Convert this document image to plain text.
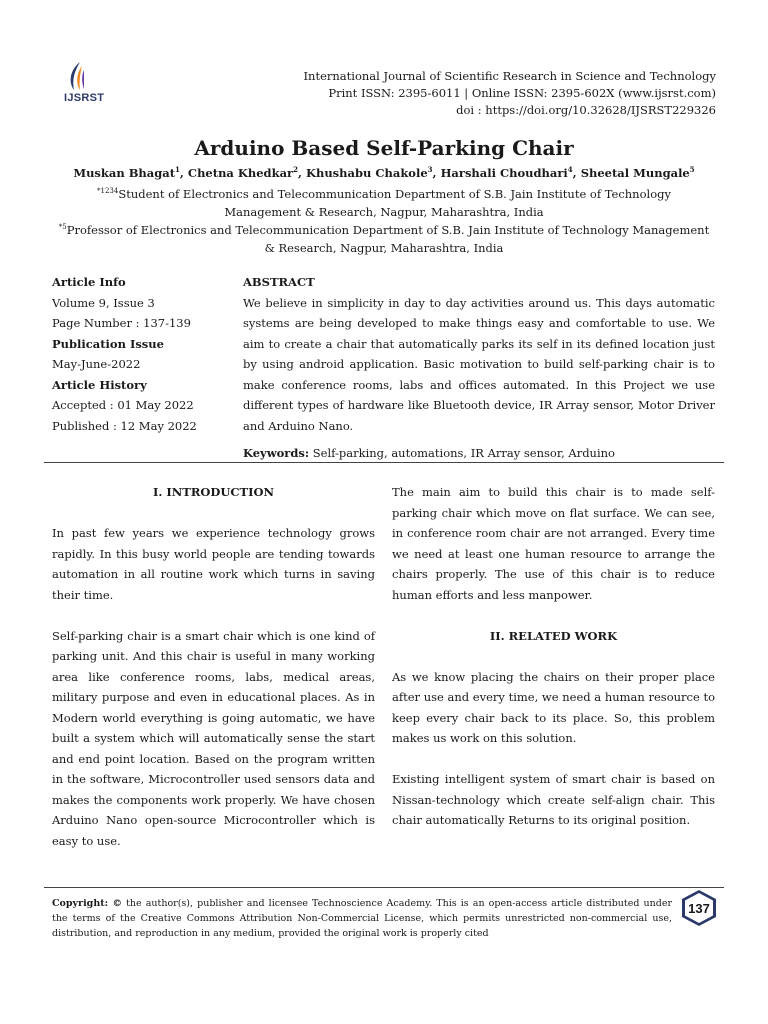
IJSRST
International Journal of Scientific Research in Science and Technology
Print ISSN: 2395-6011 | Online ISSN: 2395-602X (www.ijsrst.com)
doi : https://doi.org/10.32628/IJSRST229326
Arduino Based Self-Parking Chair
Muskan Bhagat$^1$, Chetna Khedkar$^2$, Khushabu Chakole$^3$, Harshali Choudhari$^4$, Sheetal Mungale$^5$
$^{*1234}$Student of Electronics and Telecommunication Department of S.B. Jain Institute of Technology
Management & Research, Nagpur, Maharashtra, India
$^{*5}$Professor of Electronics and Telecommunication Department of S.B. Jain Institute of Technology Management
& Research, Nagpur, Maharashtra, India
Article Info
Volume 9, Issue 3
Page Number : 137-139
Publication Issue
May-June-2022
Article History
Accepted : 01 May 2022
Published : 12 May 2022
ABSTRACT
We believe in simplicity in day to day activities around us. This days automatic systems are being developed to make things easy and comfortable to use. We aim to create a chair that automatically parks its self in its defined location just by using android application. Basic motivation to build self-parking chair is to make conference rooms, labs and offices automated. In this Project we use different types of hardware like Bluetooth device, IR Array sensor, Motor Driver and Arduino Nano.
Keywords: Self-parking, automations, IR Array sensor, Arduino
I. INTRODUCTION
In past few years we experience technology grows rapidly. In this busy world people are tending towards automation in all routine work which turns in saving their time.
Self-parking chair is a smart chair which is one kind of parking unit. And this chair is useful in many working area like conference rooms, labs, medical areas, military purpose and even in educational places. As in Modern world everything is going automatic, we have built a system which will automatically sense the start and end point location. Based on the program written in the software, Microcontroller used sensors data and makes the components work properly. We have chosen Arduino Nano open-source Microcontroller which is easy to use.
The main aim to build this chair is to made self-parking chair which move on flat surface. We can see, in conference room chair are not arranged. Every time we need at least one human resource to arrange the chairs properly. The use of this chair is to reduce human efforts and less manpower.
II. RELATED WORK
As we know placing the chairs on their proper place after use and every time, we need a human resource to keep every chair back to its place. So, this problem makes us work on this solution.
Existing intelligent system of smart chair is based on Nissan-technology which create self-align chair. This chair automatically Returns to its original position.
Copyright: © the author(s), publisher and licensee Technoscience Academy. This is an open-access article distributed under the terms of the Creative Commons Attribution Non-Commercial License, which permits unrestricted non-commercial use, distribution, and reproduction in any medium, provided the original work is properly cited
137
